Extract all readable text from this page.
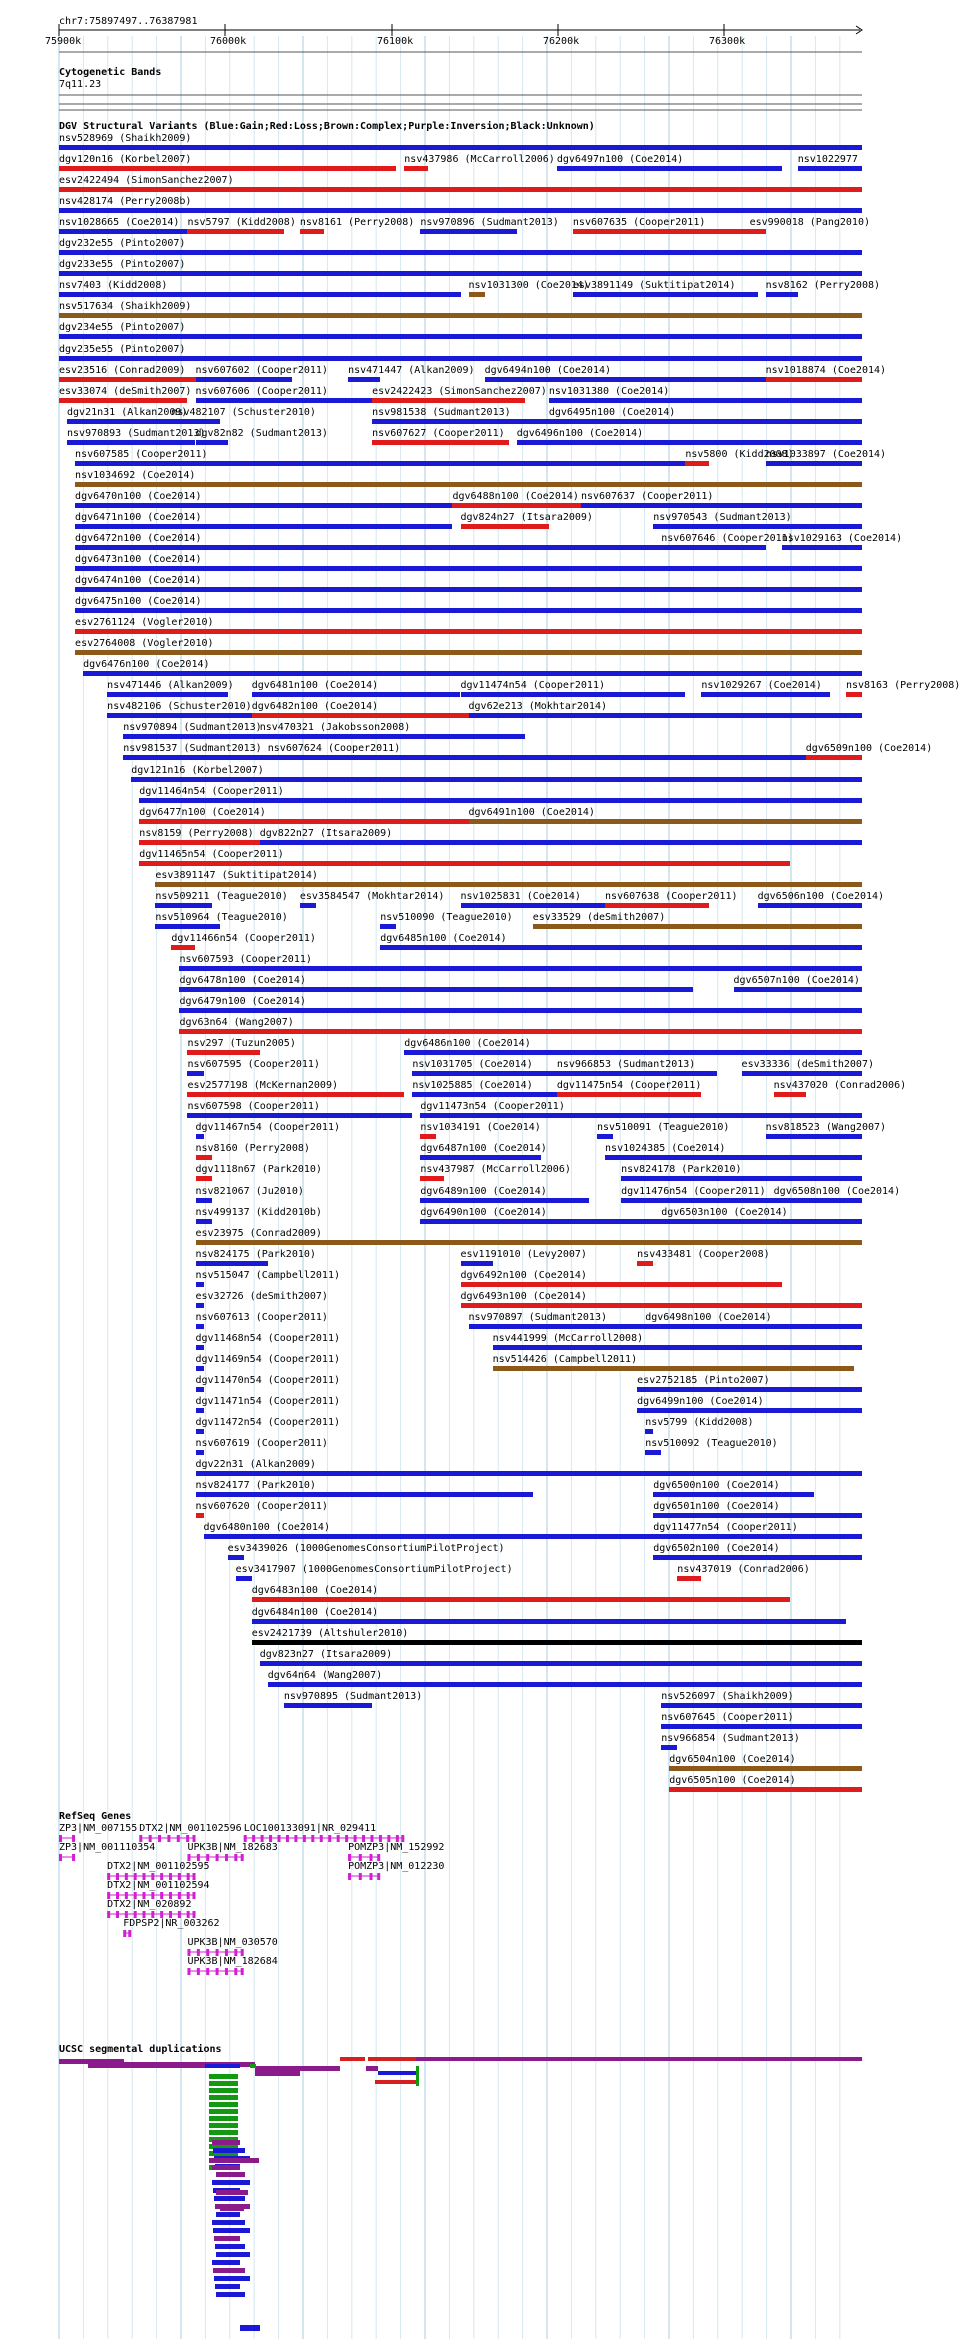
chr7:75897497..76387981
Cytogenetic Bands
7q11.23
DGV Structural Variants (Blue:Gain;Red:Loss;Brown:Complex;Purple:Inversion;Black:Unknown)
RefSeq Genes
UCSC segmental duplications
75900k	76000k	76100k	76200k	76300k
nsv528969 (Shaikh2009)
dgv120n16 (Korbel2007)	nsv437986 (McCarroll2006) dgv6497n100 (Coe2014)	nsv1022977
esv2422494 (SimonSanchez2007)
nsv428174 (Perry2008b)
nsv1028665 (Coe2014) nsv5797 (Kidd2008) nsv8161 (Perry2008) nsv970896 (Sudmant2013) nsv607635 (Cooper2011)	esv990018 (Pang2010)
dgv232e55 (Pinto2007)
dgv233e55 (Pinto2007)
nsv7403 (Kidd2008)	nsv1031300 (Coe2014)
esv3891149 (Suktitipat2014)	nsv8162 (Perry2008)
nsv517634 (Shaikh2009)
dgv234e55 (Pinto2007)
dgv235e55 (Pinto2007)
esv23516 (Conrad2009) nsv607602 (Cooper2011) nsv471447 (Alkan2009) dgv6494n100 (Coe2014)	nsv1018874 (Coe2014)
esv33074 (deSmith2007) nsv607606 (Cooper2011)	esv2422423 (SimonSanchez2007) nsv1031380 (Coe2014)
dgv21n31 (Alkan2009)
nsv482107 (Schuster2010)	nsv981538 (Sudmant2013)	dgv6495n100 (Coe2014)
nsv970893 (Sudmant2013)
dgv82n82 (Sudmant2013)	nsv607627 (Cooper2011) dgv6496n100 (Coe2014)
nsv607585 (Cooper2011)	nsv5800 (Kidd2008)
nsv1033897 (Coe2014)
nsv1034692 (Coe2014)
dgv6470n100 (Coe2014)	dgv6488n100 (Coe2014) nsv607637 (Cooper2011)
dgv6471n100 (Coe2014)	dgv824n27 (Itsara2009)	nsv970543 (Sudmant2013)
dgv6472n100 (Coe2014)	nsv607646 (Cooper2011)
nsv1029163 (Coe2014)
dgv6473n100 (Coe2014)
dgv6474n100 (Coe2014)
dgv6475n100 (Coe2014)
esv2761124 (Vogler2010)
esv2764008 (Vogler2010)
dgv6476n100 (Coe2014)
nsv471446 (Alkan2009) dgv6481n100 (Coe2014)	dgv11474n54 (Cooper2011)	nsv1029267 (Coe2014) nsv8163 (Perry2008)
nsv482106 (Schuster2010) dgv6482n100 (Coe2014)	dgv62e213 (Mokhtar2014)
nsv970894 (Sudmant2013)
nsv470321 (Jakobsson2008)
nsv981537 (Sudmant2013) nsv607624 (Cooper2011)	dgv6509n100 (Coe2014)
dgv121n16 (Korbel2007)
dgv11464n54 (Cooper2011)
dgv6477n100 (Coe2014)	dgv6491n100 (Coe2014)
nsv8159 (Perry2008) dgv822n27 (Itsara2009)
dgv11465n54 (Cooper2011)
esv3891147 (Suktitipat2014)
nsv509211 (Teague2010) esv3584547 (Mokhtar2014) nsv1025831 (Coe2014) nsv607638 (Cooper2011) dgv6506n100 (Coe2014)
nsv510964 (Teague2010)	nsv510090 (Teague2010) esv33529 (deSmith2007)
dgv11466n54 (Cooper2011)	dgv6485n100 (Coe2014)
nsv607593 (Cooper2011)
dgv6478n100 (Coe2014)	dgv6507n100 (Coe2014)
dgv6479n100 (Coe2014)
dgv63n64 (Wang2007)
nsv297 (Tuzun2005)	dgv6486n100 (Coe2014)
nsv607595 (Cooper2011)	nsv1031705 (Coe2014) nsv966853 (Sudmant2013)	esv33336 (deSmith2007)
esv2577198 (McKernan2009)	nsv1025885 (Coe2014) dgv11475n54 (Cooper2011)	nsv437020 (Conrad2006)
nsv607598 (Cooper2011)	dgv11473n54 (Cooper2011)
dgv11467n54 (Cooper2011)	nsv1034191 (Coe2014)	nsv510091 (Teague2010)	nsv818523 (Wang2007)
nsv8160 (Perry2008)	dgv6487n100 (Coe2014)	nsv1024385 (Coe2014)
dgv1118n67 (Park2010)	nsv437987 (McCarroll2006)	nsv824178 (Park2010)
nsv821067 (Ju2010)	dgv6489n100 (Coe2014)	dgv11476n54 (Cooper2011) dgv6508n100 (Coe2014)
nsv499137 (Kidd2010b)	dgv6490n100 (Coe2014)	dgv6503n100 (Coe2014)
esv23975 (Conrad2009)
nsv824175 (Park2010)	esv1191010 (Levy2007)	nsv433481 (Cooper2008)
nsv515047 (Campbell2011)	dgv6492n100 (Coe2014)
esv32726 (deSmith2007)	dgv6493n100 (Coe2014)
nsv607613 (Cooper2011)	nsv970897 (Sudmant2013)	dgv6498n100 (Coe2014)
dgv11468n54 (Cooper2011)	nsv441999 (McCarroll2008)
dgv11469n54 (Cooper2011)	nsv514426 (Campbell2011)
dgv11470n54 (Cooper2011)	esv2752185 (Pinto2007)
dgv11471n54 (Cooper2011)	dgv6499n100 (Coe2014)
dgv11472n54 (Cooper2011)	nsv5799 (Kidd2008)
nsv607619 (Cooper2011)	nsv510092 (Teague2010)
dgv22n31 (Alkan2009)
nsv824177 (Park2010)	dgv6500n100 (Coe2014)
nsv607620 (Cooper2011)	dgv6501n100 (Coe2014)
dgv6480n100 (Coe2014)	dgv11477n54 (Cooper2011)
esv3439026 (1000GenomesConsortiumPilotProject)	dgv6502n100 (Coe2014)
esv3417907 (1000GenomesConsortiumPilotProject)	nsv437019 (Conrad2006)
dgv6483n100 (Coe2014)
dgv6484n100 (Coe2014)
esv2421739 (Altshuler2010)
dgv823n27 (Itsara2009)
dgv64n64 (Wang2007)
nsv970895 (Sudmant2013)	nsv526097 (Shaikh2009)
nsv607645 (Cooper2011)
nsv966854 (Sudmant2013)
dgv6504n100 (Coe2014)
dgv6505n100 (Coe2014)
ZP3|NM_007155 DTX2|NM_001102596 LOC100133091|NR_029411
ZP3|NM_001110354	UPK3B|NM_182683	POMZP3|NM_152992
DTX2|NM_001102595	POMZP3|NM_012230
DTX2|NM_001102594
DTX2|NM_020892
FDPSP2|NR_003262
UPK3B|NM_030570
UPK3B|NM_182684
